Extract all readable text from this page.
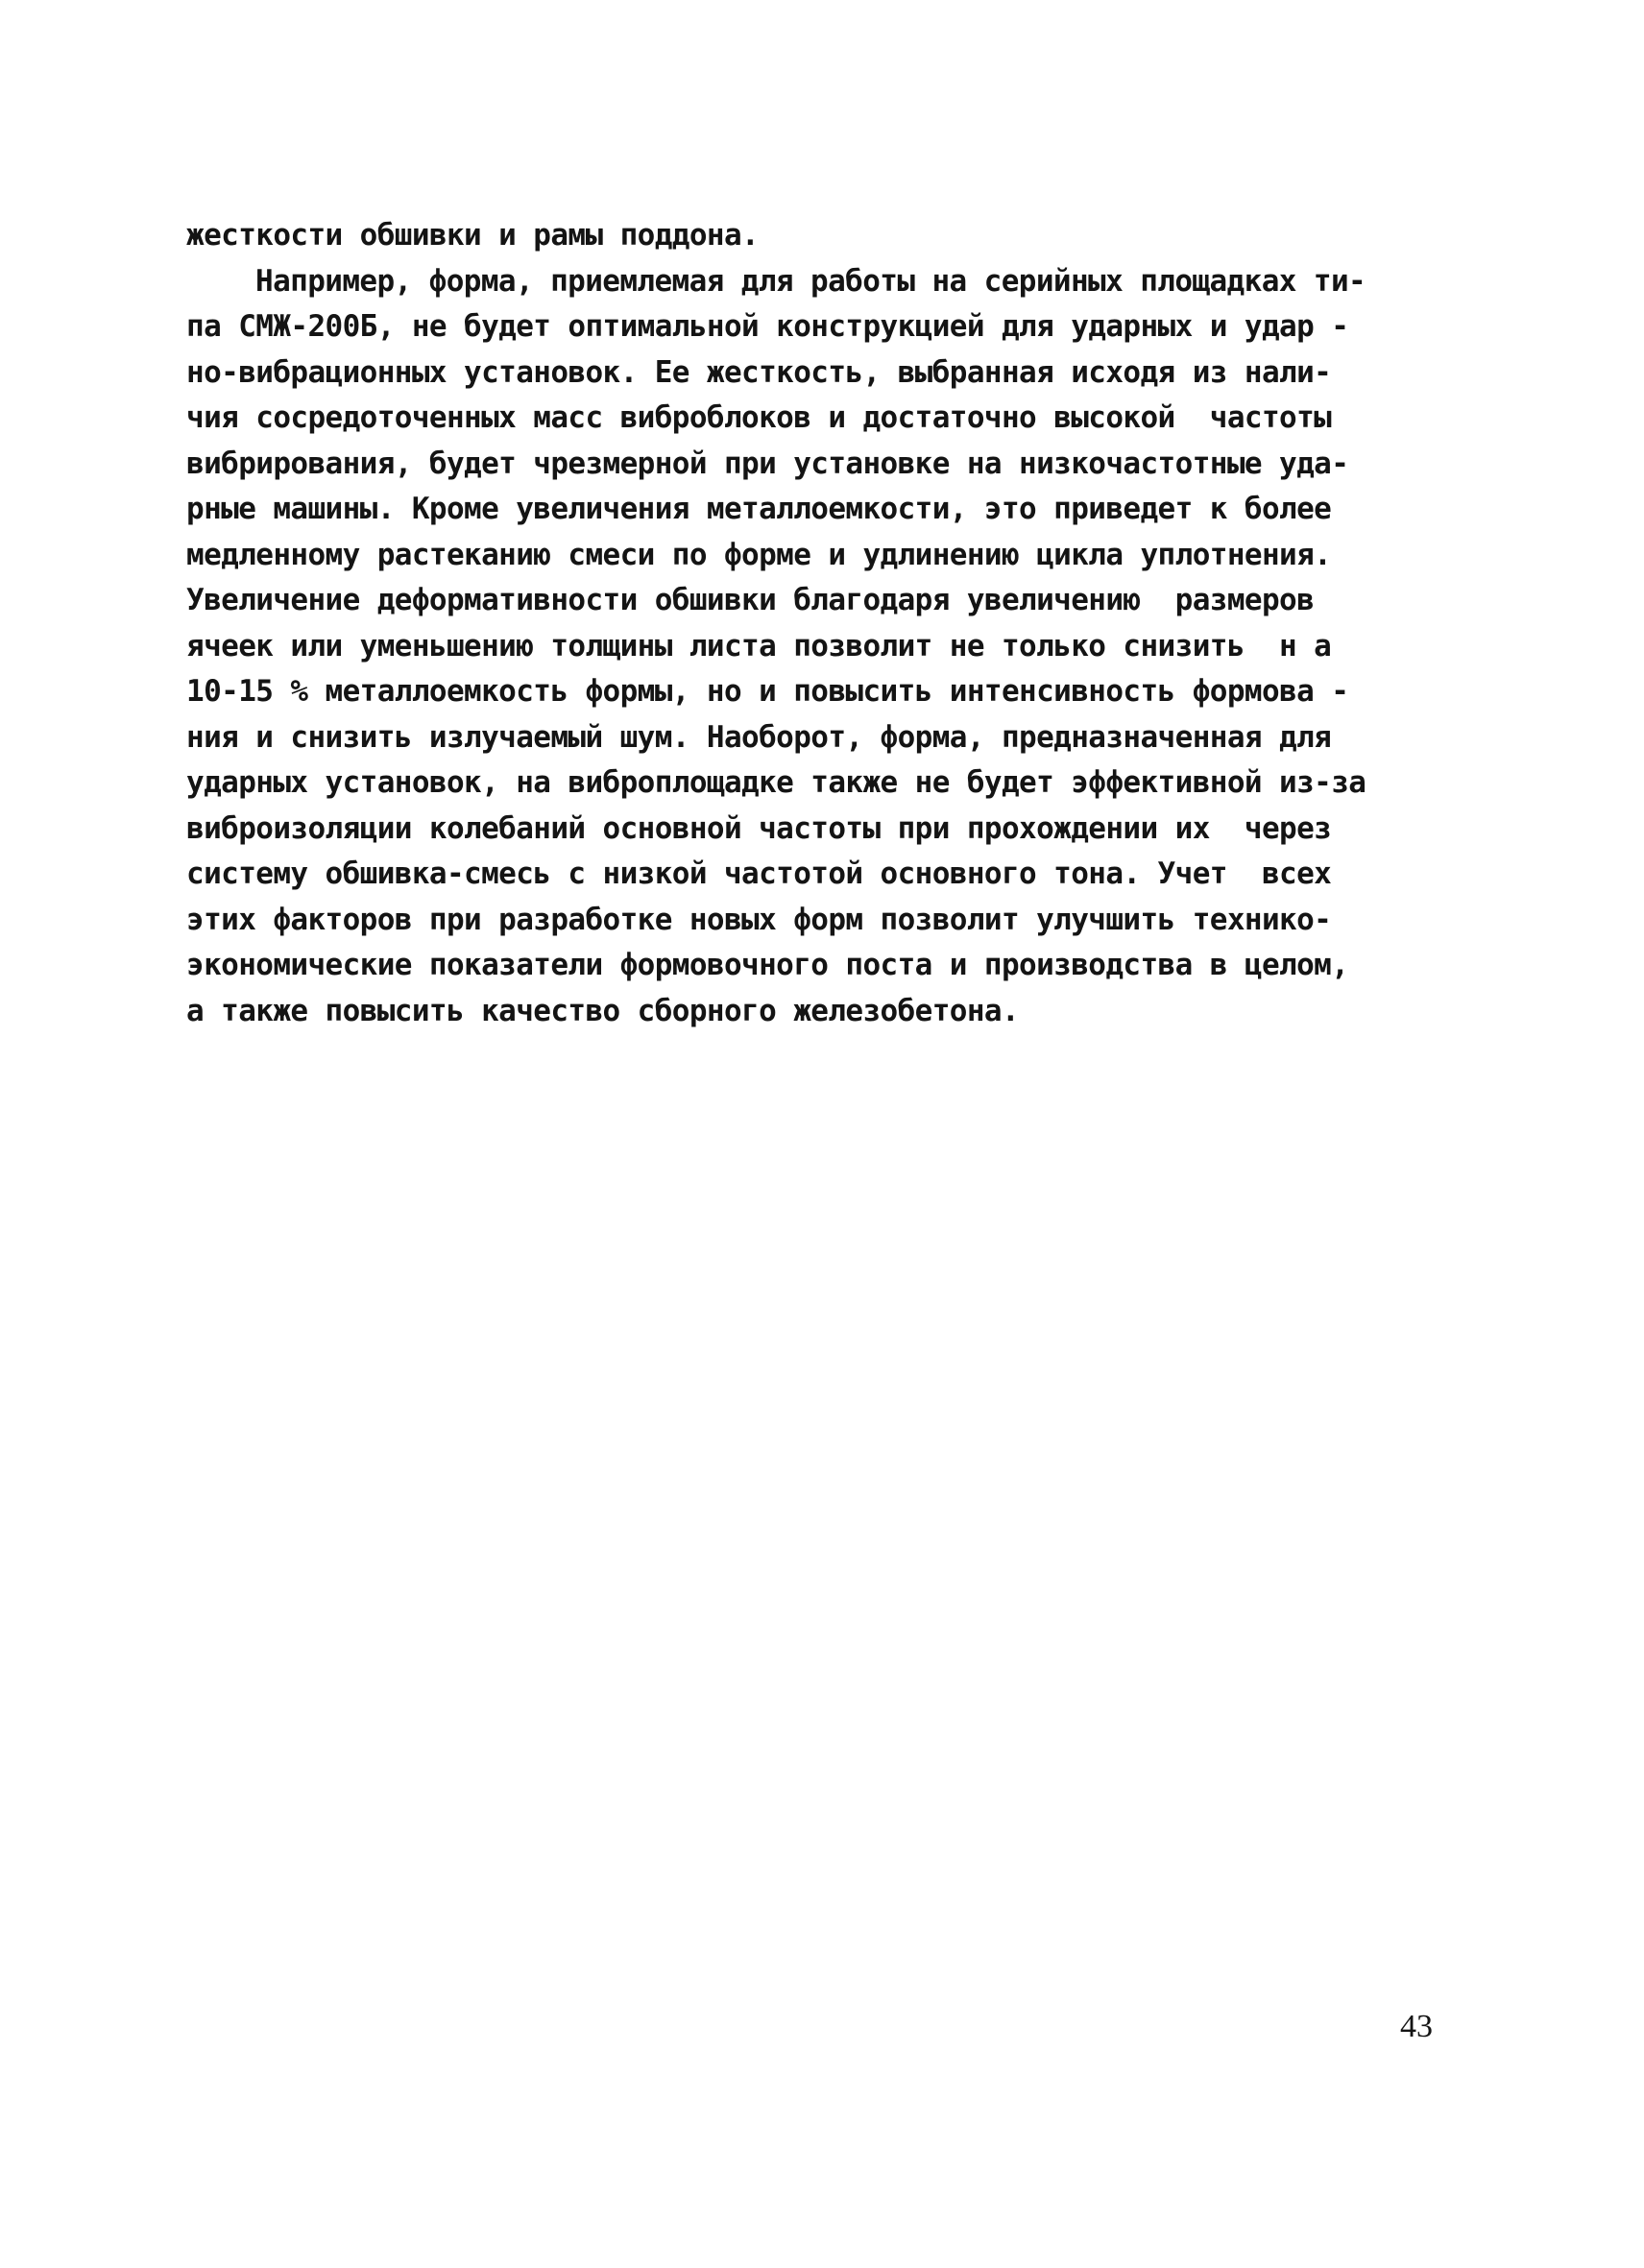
жесткости обшивки и рамы поддона.
Например, форма, приемлемая для работы на серийных площадках ти-
па СМЖ-200Б, не будет оптимальной конструкцией для ударных и удар -
но-вибрационных установок. Ее жесткость, выбранная исходя из нали-
чия сосредоточенных масс виброблоков и достаточно высокой  частоты
вибрирования, будет чрезмерной при установке на низкочастотные уда-
рные машины. Кроме увеличения металлоемкости, это приведет к более
медленному растеканию смеси по форме и удлинению цикла уплотнения.
Увеличение деформативности обшивки благодаря увеличению  размеров
ячеек или уменьшению толщины листа позволит не только снизить  н а
10-15 % металлоемкость формы, но и повысить интенсивность формова -
ния и снизить излучаемый шум. Наоборот, форма, предназначенная для
ударных установок, на виброплощадке также не будет эффективной из-за
виброизоляции колебаний основной частоты при прохождении их  через
систему обшивка-смесь с низкой частотой основного тона. Учет  всех
этих факторов при разработке новых форм позволит улучшить технико-
экономические показатели формовочного поста и производства в целом,
а также повысить качество сборного железобетона.
43
